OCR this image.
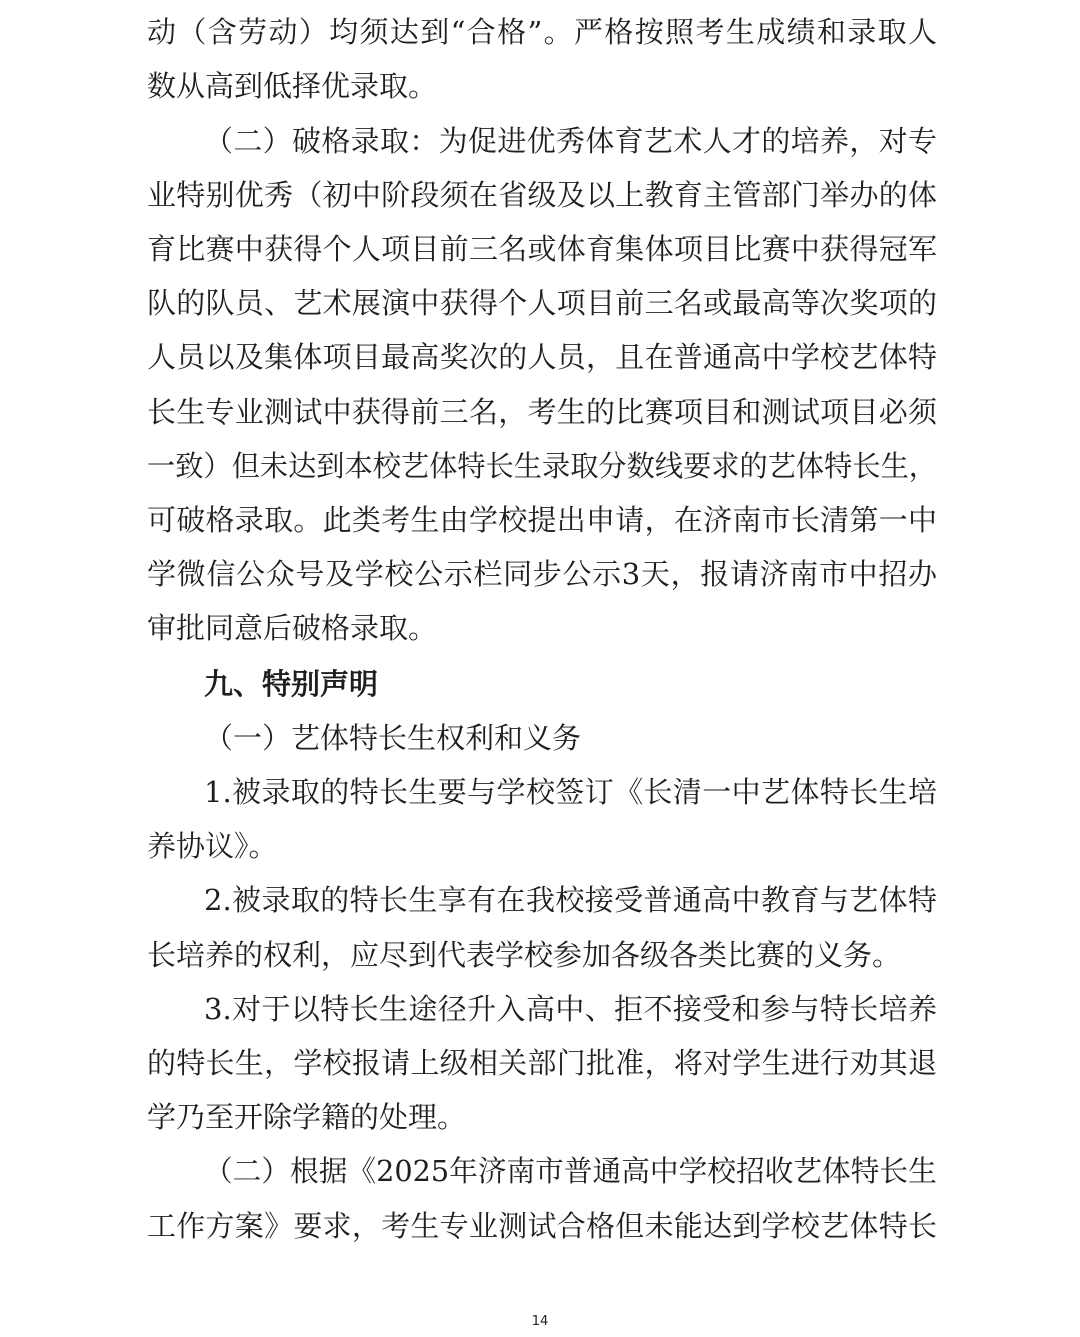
动（含劳动）均须达到“合格”。严格按照考生成绩和录取人
数从高到低择优录取。
（二）破格录取：为促进优秀体育艺术人才的培养，对专
业特别优秀（初中阶段须在省级及以上教育主管部门举办的体
育比赛中获得个人项目前三名或体育集体项目比赛中获得冠军
队的队员、艺术展演中获得个人项目前三名或最高等次奖项的
人员以及集体项目最高奖次的人员，且在普通高中学校艺体特
长生专业测试中获得前三名，考生的比赛项目和测试项目必须
一致）但未达到本校艺体特长生录取分数线要求的艺体特长生，
可破格录取。此类考生由学校提出申请，在济南市长清第一中
学微信公众号及学校公示栏同步公示3天，报请济南市中招办
审批同意后破格录取。
九、特别声明
（一）艺体特长生权利和义务
1.被录取的特长生要与学校签订《长清一中艺体特长生培
养协议》。
2.被录取的特长生享有在我校接受普通高中教育与艺体特
长培养的权利，应尽到代表学校参加各级各类比赛的义务。
3.对于以特长生途径升入高中、拒不接受和参与特长培养
的特长生，学校报请上级相关部门批准，将对学生进行劝其退
学乃至开除学籍的处理。
（二）根据《2025年济南市普通高中学校招收艺体特长生
工作方案》要求，考生专业测试合格但未能达到学校艺体特长
14
